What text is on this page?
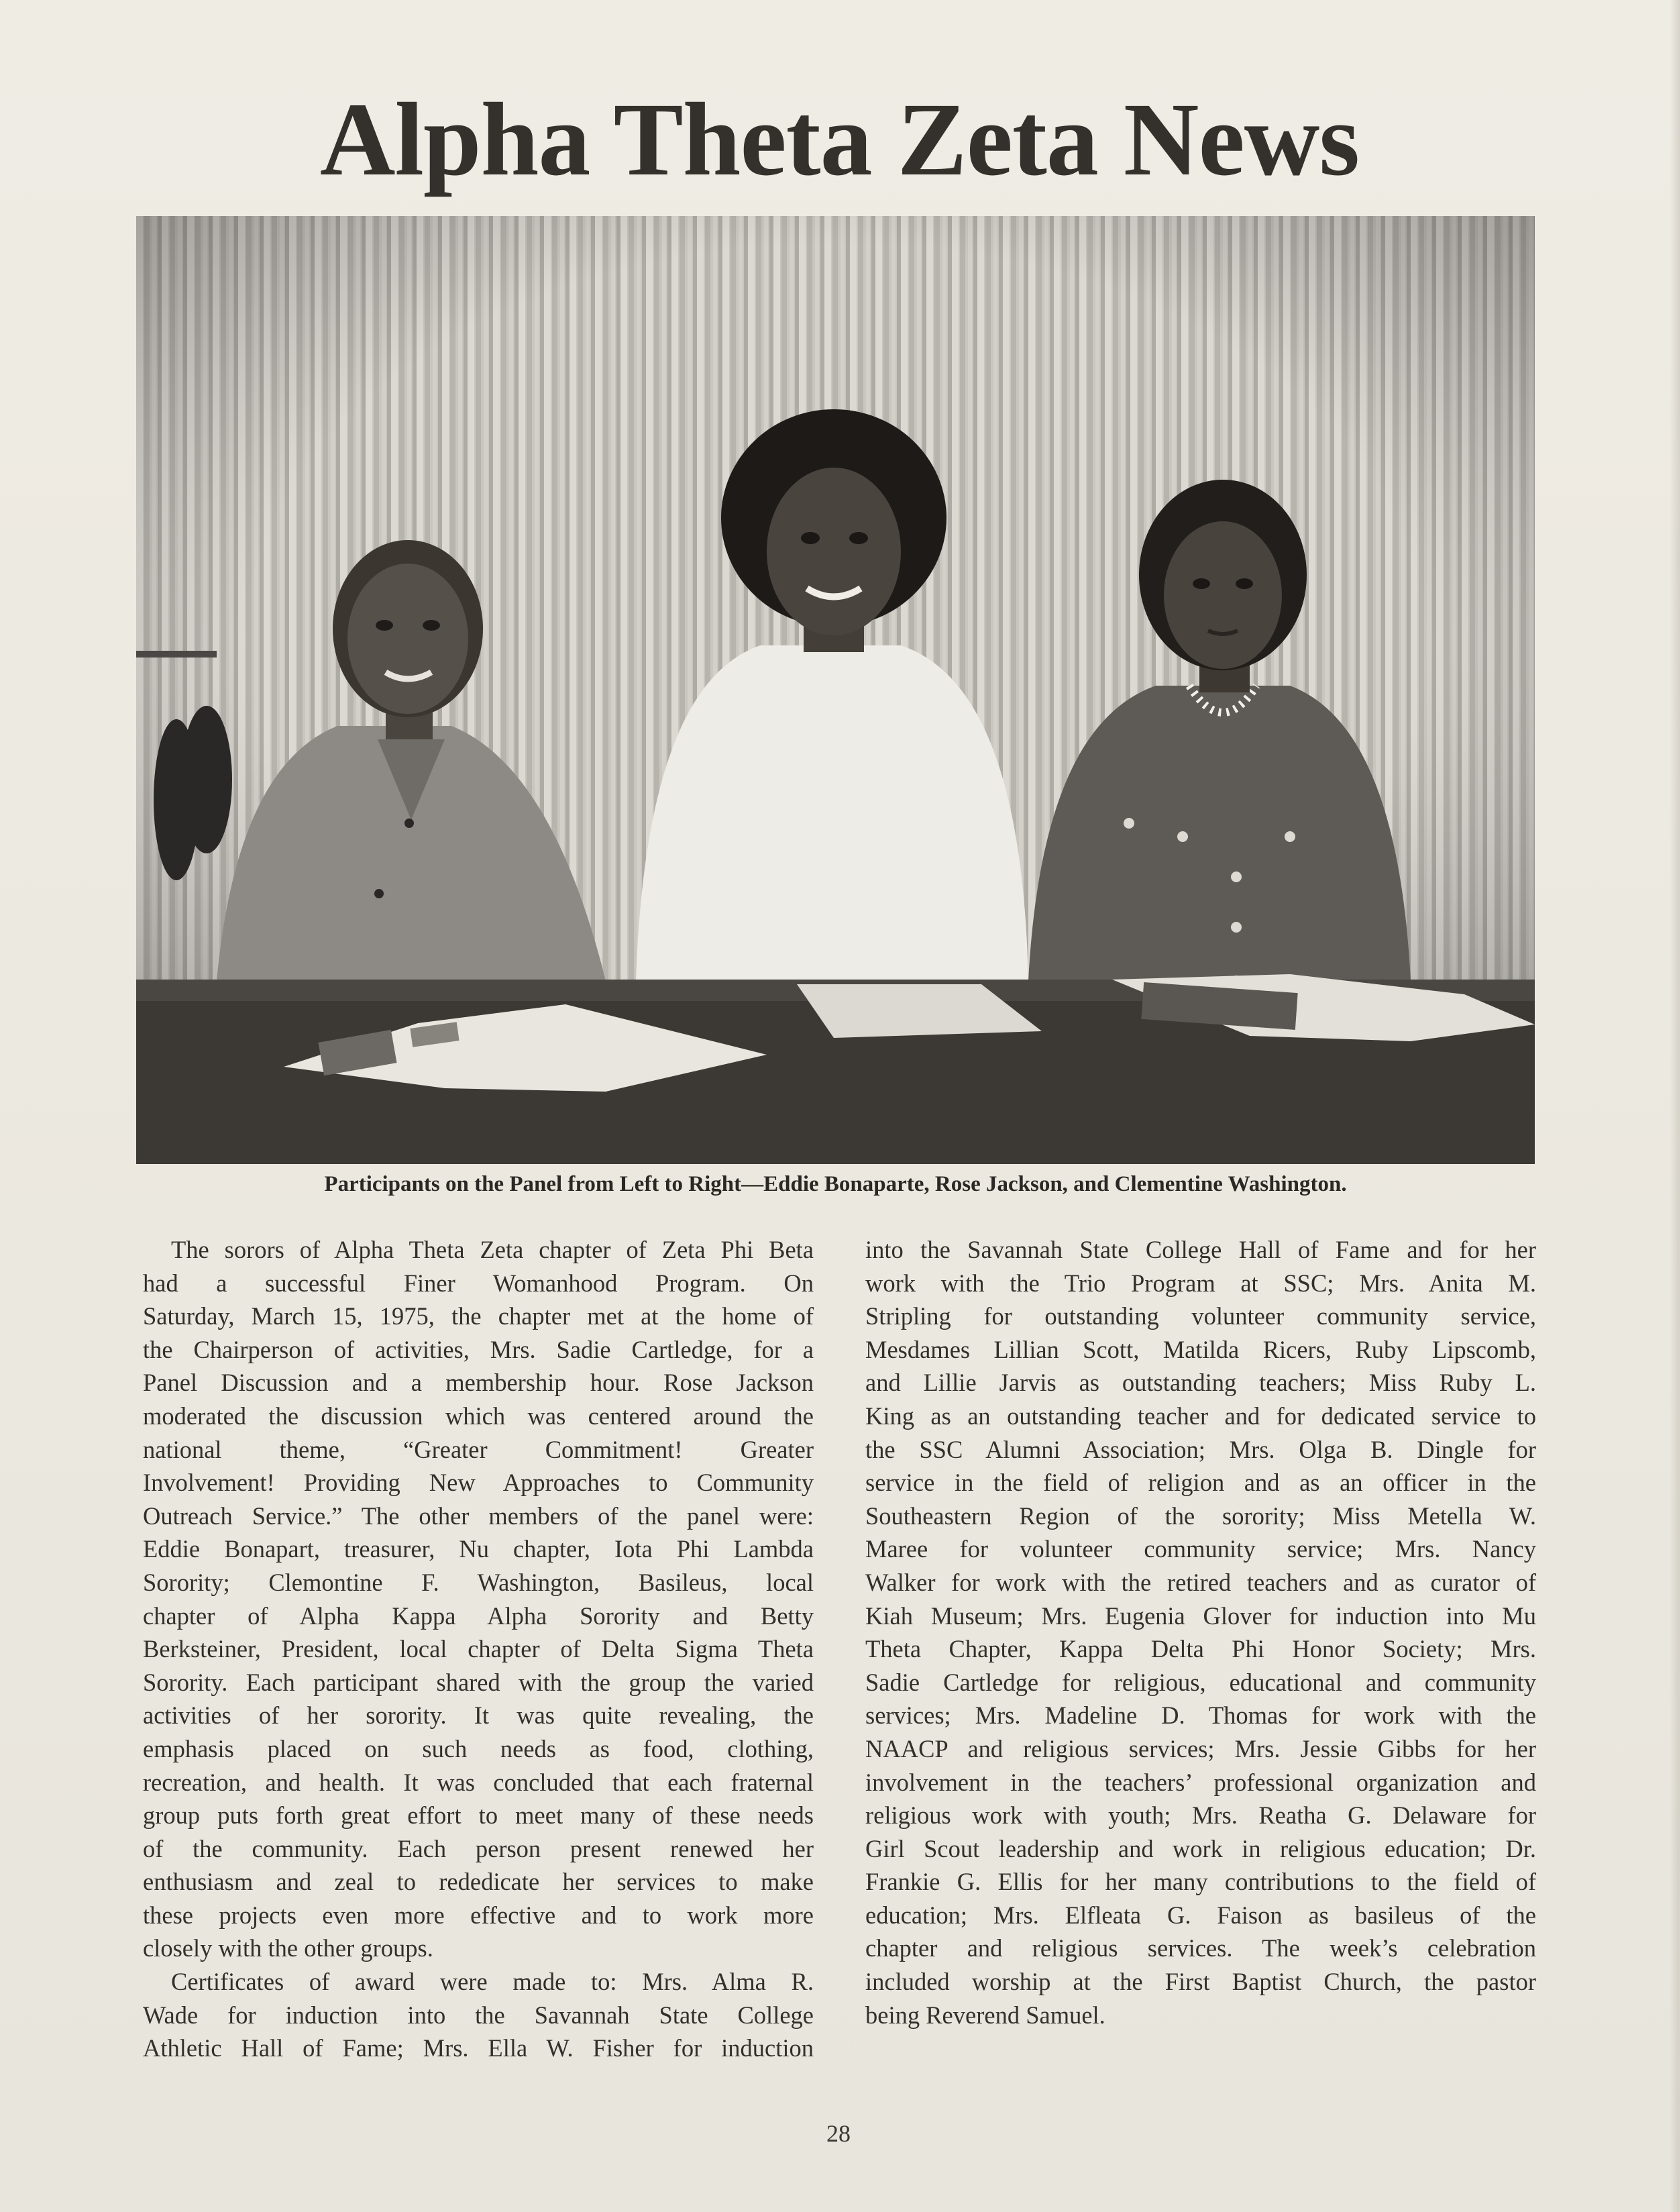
Alpha Theta Zeta News
Participants on the Panel from Left to Right—Eddie Bonaparte, Rose Jackson, and Clementine Washington.
The sorors of Alpha Theta Zeta chapter of Zeta Phi Beta
had a successful Finer Womanhood Program. On
Saturday, March 15, 1975, the chapter met at the home of
the Chairperson of activities, Mrs. Sadie Cartledge, for a
Panel Discussion and a membership hour. Rose Jackson
moderated the discussion which was centered around the
national theme, “Greater Commitment! Greater
Involvement! Providing New Approaches to Community
Outreach Service.” The other members of the panel were:
Eddie Bonapart, treasurer, Nu chapter, Iota Phi Lambda
Sorority; Clemontine F. Washington, Basileus, local
chapter of Alpha Kappa Alpha Sorority and Betty
Berksteiner, President, local chapter of Delta Sigma Theta
Sorority. Each participant shared with the group the varied
activities of her sorority. It was quite revealing, the
emphasis placed on such needs as food, clothing,
recreation, and health. It was concluded that each fraternal
group puts forth great effort to meet many of these needs
of the community. Each person present renewed her
enthusiasm and zeal to rededicate her services to make
these projects even more effective and to work more
closely with the other groups.
Certificates of award were made to: Mrs. Alma R.
Wade for induction into the Savannah State College
Athletic Hall of Fame; Mrs. Ella W. Fisher for induction
into the Savannah State College Hall of Fame and for her
work with the Trio Program at SSC; Mrs. Anita M.
Stripling for outstanding volunteer community service,
Mesdames Lillian Scott, Matilda Ricers, Ruby Lipscomb,
and Lillie Jarvis as outstanding teachers; Miss Ruby L.
King as an outstanding teacher and for dedicated service to
the SSC Alumni Association; Mrs. Olga B. Dingle for
service in the field of religion and as an officer in the
Southeastern Region of the sorority; Miss Metella W.
Maree for volunteer community service; Mrs. Nancy
Walker for work with the retired teachers and as curator of
Kiah Museum; Mrs. Eugenia Glover for induction into Mu
Theta Chapter, Kappa Delta Phi Honor Society; Mrs.
Sadie Cartledge for religious, educational and community
services; Mrs. Madeline D. Thomas for work with the
NAACP and religious services; Mrs. Jessie Gibbs for her
involvement in the teachers’ professional organization and
religious work with youth; Mrs. Reatha G. Delaware for
Girl Scout leadership and work in religious education; Dr.
Frankie G. Ellis for her many contributions to the field of
education; Mrs. Elfleata G. Faison as basileus of the
chapter and religious services. The week’s celebration
included worship at the First Baptist Church, the pastor
being Reverend Samuel.
28
